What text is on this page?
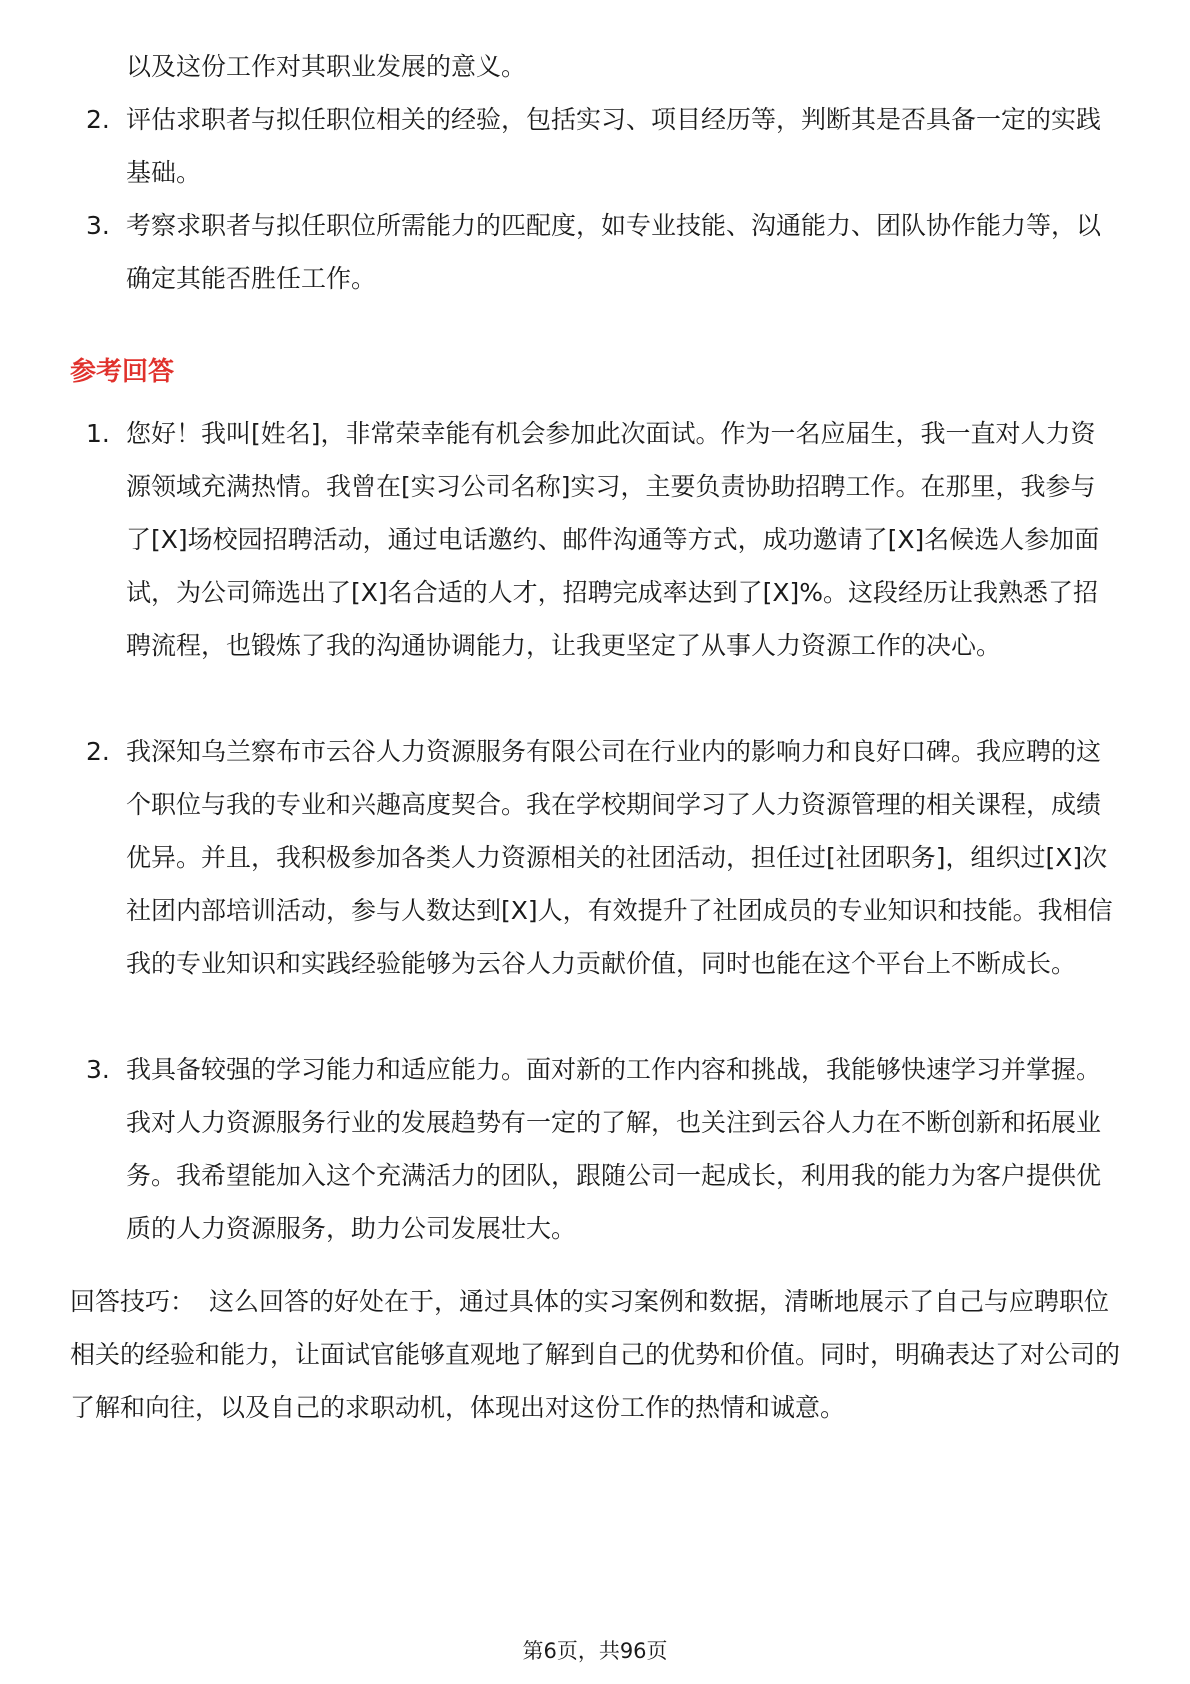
以及这份工作对其职业发展的意义。

2. 评估求职者与拟任职位相关的经验，包括实习、项目经历等，判断其是否具备一定的实践基础。
3. 考察求职者与拟任职位所需能力的匹配度，如专业技能、沟通能力、团队协作能力等，以确定其能否胜任工作。
参考回答
1. 您好！我叫[姓名]，非常荣幸能有机会参加此次面试。作为一名应届生，我一直对人力资源领域充满热情。我曾在[实习公司名称]实习，主要负责协助招聘工作。在那里，我参与了[X]场校园招聘活动，通过电话邀约、邮件沟通等方式，成功邀请了[X]名候选人参加面试，为公司筛选出了[X]名合适的人才，招聘完成率达到了[X]%。这段经历让我熟悉了招聘流程，也锻炼了我的沟通协调能力，让我更坚定了从事人力资源工作的决心。
2. 我深知乌兰察布市云谷人力资源服务有限公司在行业内的影响力和良好口碑。我应聘的这个职位与我的专业和兴趣高度契合。我在学校期间学习了人力资源管理的相关课程，成绩优异。并且，我积极参加各类人力资源相关的社团活动，担任过[社团职务]，组织过[X]次社团内部培训活动，参与人数达到[X]人，有效提升了社团成员的专业知识和技能。我相信我的专业知识和实践经验能够为云谷人力贡献价值，同时也能在这个平台上不断成长。
3. 我具备较强的学习能力和适应能力。面对新的工作内容和挑战，我能够快速学习并掌握。我对人力资源服务行业的发展趋势有一定的了解，也关注到云谷人力在不断创新和拓展业务。我希望能加入这个充满活力的团队，跟随公司一起成长，利用我的能力为客户提供优质的人力资源服务，助力公司发展壮大。

回答技巧： 这么回答的好处在于，通过具体的实习案例和数据，清晰地展示了自己与应聘职位相关的经验和能力，让面试官能够直观地了解到自己的优势和价值。同时，明确表达了对公司的了解和向往，以及自己的求职动机，体现出对这份工作的热情和诚意。

第6页，共96页
